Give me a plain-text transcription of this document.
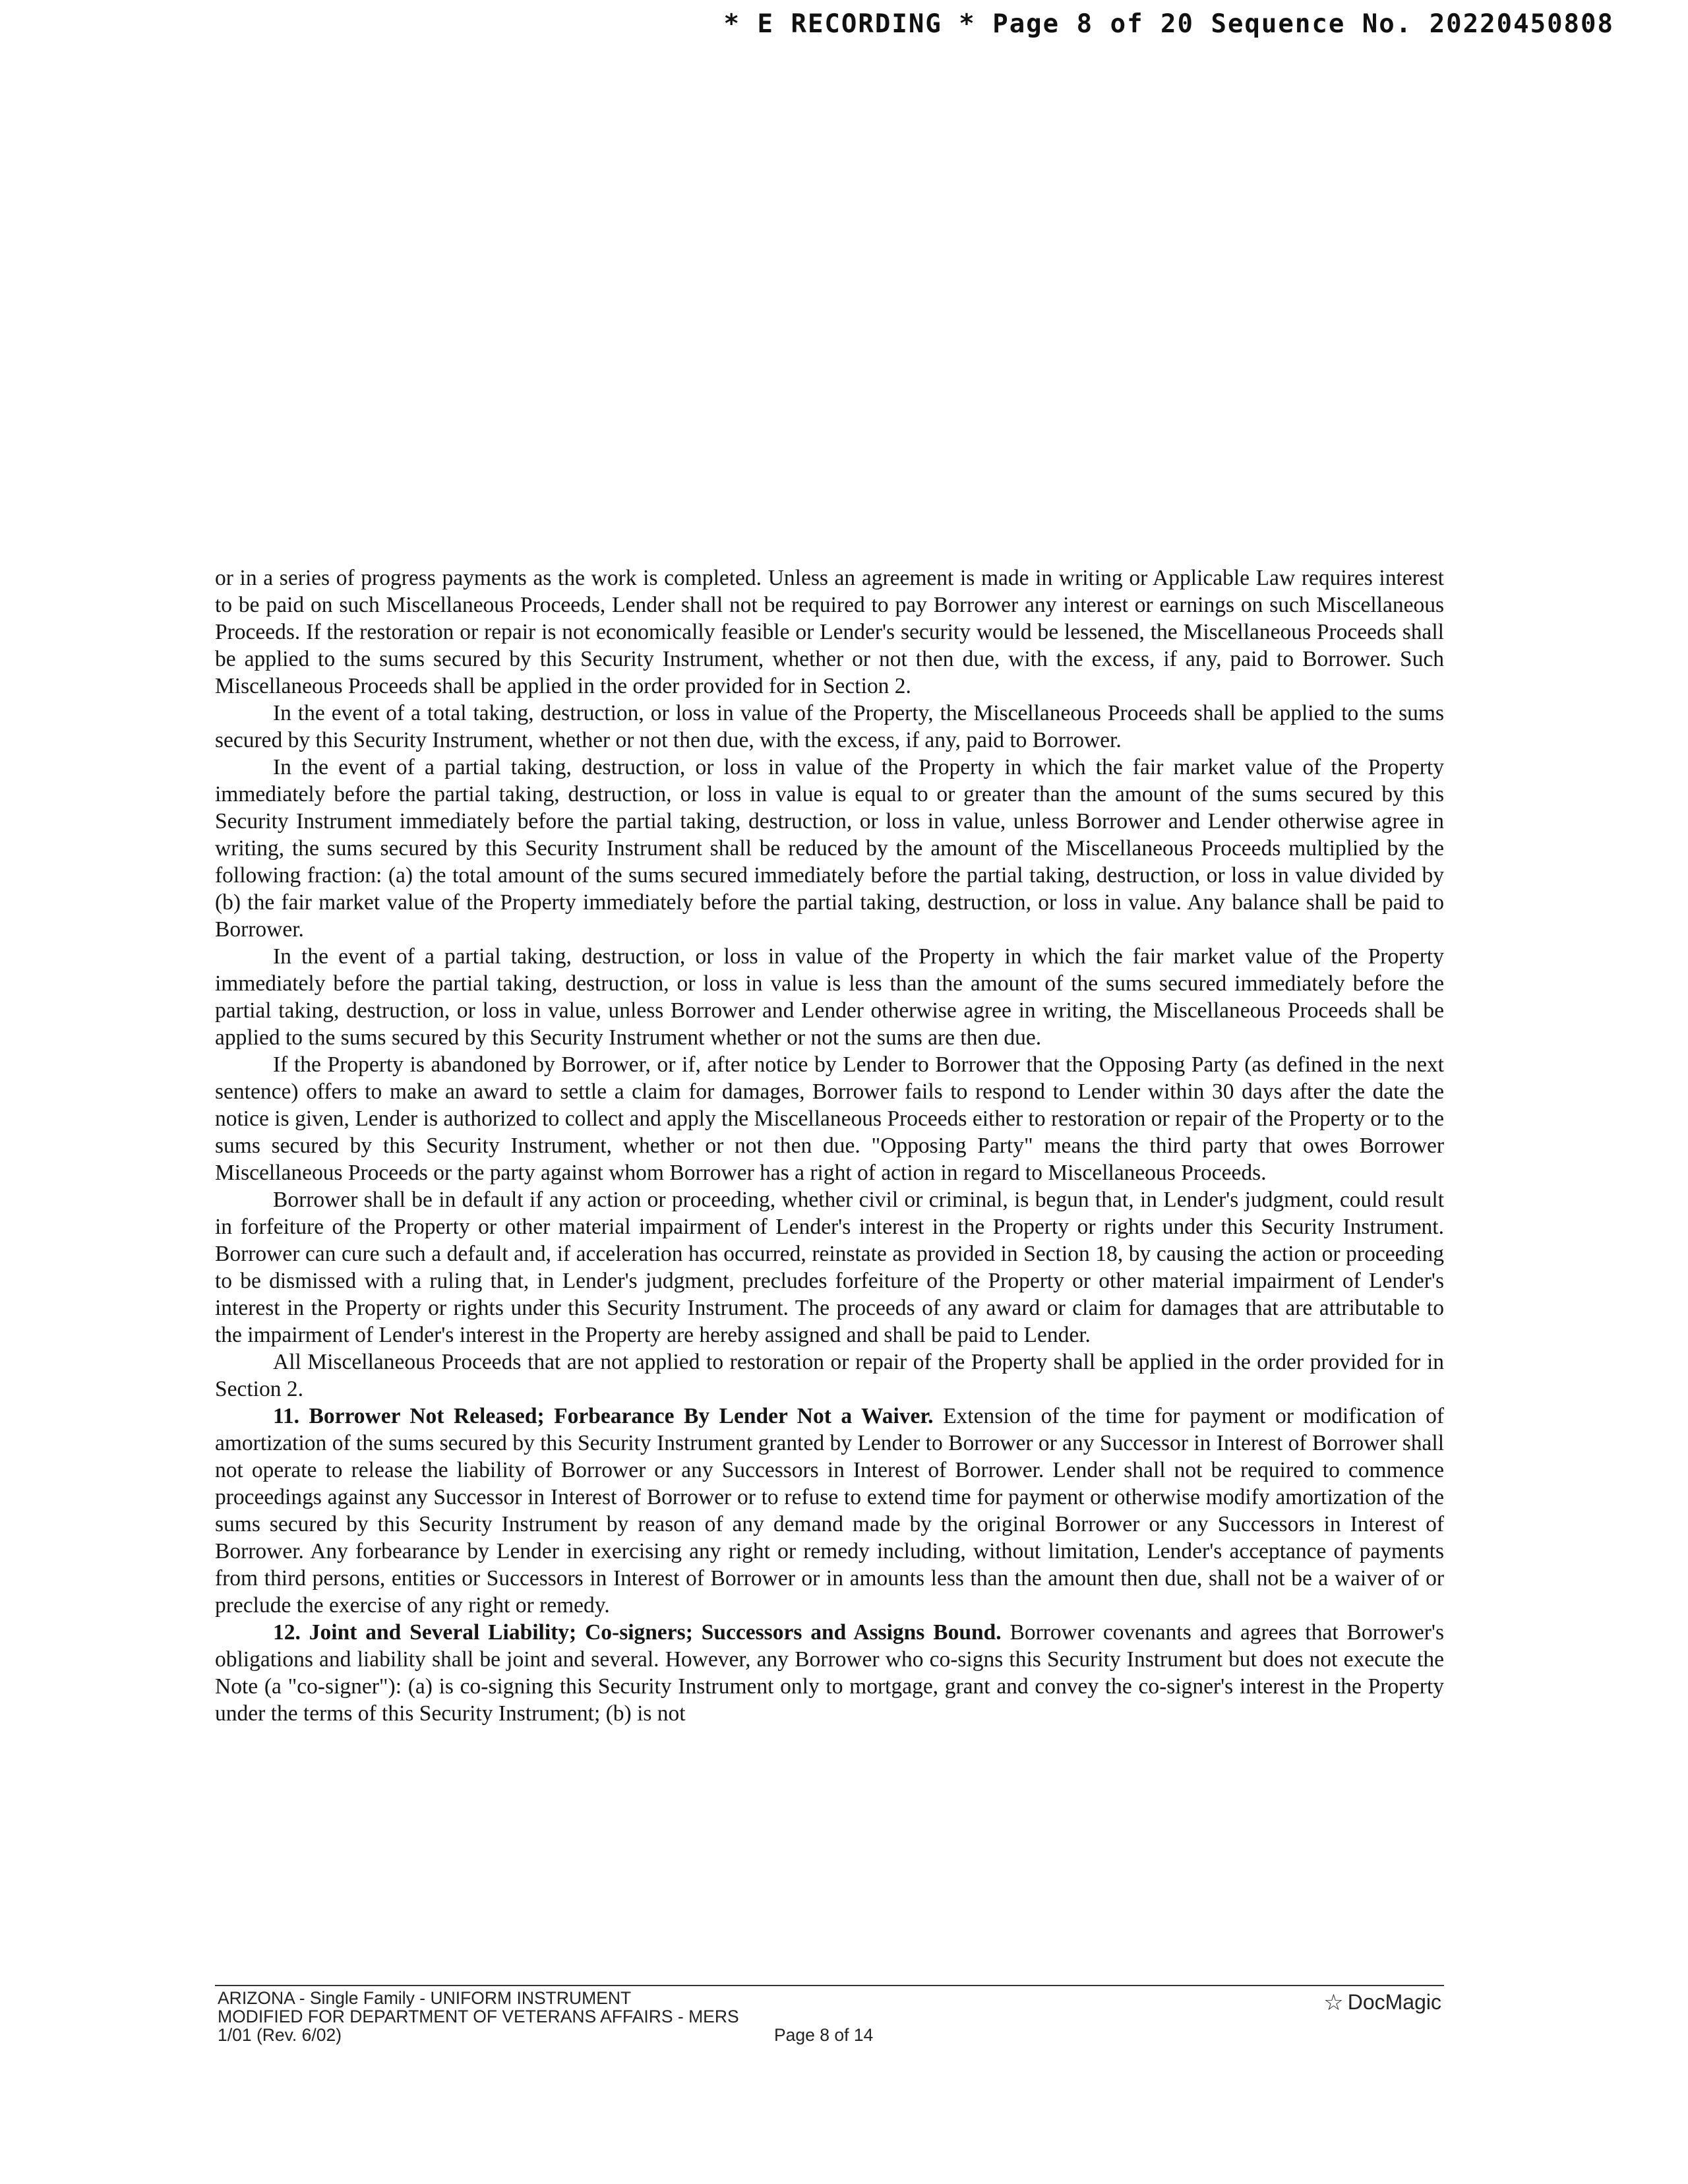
* E RECORDING * Page 8 of 20 Sequence No. 20220450808

or in a series of progress payments as the work is completed. Unless an agreement is made in writing or Applicable Law requires interest to be paid on such Miscellaneous Proceeds, Lender shall not be required to pay Borrower any interest or earnings on such Miscellaneous Proceeds. If the restoration or repair is not economically feasible or Lender's security would be lessened, the Miscellaneous Proceeds shall be applied to the sums secured by this Security Instrument, whether or not then due, with the excess, if any, paid to Borrower. Such Miscellaneous Proceeds shall be applied in the order provided for in Section 2.

In the event of a total taking, destruction, or loss in value of the Property, the Miscellaneous Proceeds shall be applied to the sums secured by this Security Instrument, whether or not then due, with the excess, if any, paid to Borrower.

In the event of a partial taking, destruction, or loss in value of the Property in which the fair market value of the Property immediately before the partial taking, destruction, or loss in value is equal to or greater than the amount of the sums secured by this Security Instrument immediately before the partial taking, destruction, or loss in value, unless Borrower and Lender otherwise agree in writing, the sums secured by this Security Instrument shall be reduced by the amount of the Miscellaneous Proceeds multiplied by the following fraction: (a) the total amount of the sums secured immediately before the partial taking, destruction, or loss in value divided by (b) the fair market value of the Property immediately before the partial taking, destruction, or loss in value. Any balance shall be paid to Borrower.

In the event of a partial taking, destruction, or loss in value of the Property in which the fair market value of the Property immediately before the partial taking, destruction, or loss in value is less than the amount of the sums secured immediately before the partial taking, destruction, or loss in value, unless Borrower and Lender otherwise agree in writing, the Miscellaneous Proceeds shall be applied to the sums secured by this Security Instrument whether or not the sums are then due.

If the Property is abandoned by Borrower, or if, after notice by Lender to Borrower that the Opposing Party (as defined in the next sentence) offers to make an award to settle a claim for damages, Borrower fails to respond to Lender within 30 days after the date the notice is given, Lender is authorized to collect and apply the Miscellaneous Proceeds either to restoration or repair of the Property or to the sums secured by this Security Instrument, whether or not then due. "Opposing Party" means the third party that owes Borrower Miscellaneous Proceeds or the party against whom Borrower has a right of action in regard to Miscellaneous Proceeds.

Borrower shall be in default if any action or proceeding, whether civil or criminal, is begun that, in Lender's judgment, could result in forfeiture of the Property or other material impairment of Lender's interest in the Property or rights under this Security Instrument. Borrower can cure such a default and, if acceleration has occurred, reinstate as provided in Section 18, by causing the action or proceeding to be dismissed with a ruling that, in Lender's judgment, precludes forfeiture of the Property or other material impairment of Lender's interest in the Property or rights under this Security Instrument. The proceeds of any award or claim for damages that are attributable to the impairment of Lender's interest in the Property are hereby assigned and shall be paid to Lender.

All Miscellaneous Proceeds that are not applied to restoration or repair of the Property shall be applied in the order provided for in Section 2.

11. Borrower Not Released; Forbearance By Lender Not a Waiver. Extension of the time for payment or modification of amortization of the sums secured by this Security Instrument granted by Lender to Borrower or any Successor in Interest of Borrower shall not operate to release the liability of Borrower or any Successors in Interest of Borrower. Lender shall not be required to commence proceedings against any Successor in Interest of Borrower or to refuse to extend time for payment or otherwise modify amortization of the sums secured by this Security Instrument by reason of any demand made by the original Borrower or any Successors in Interest of Borrower. Any forbearance by Lender in exercising any right or remedy including, without limitation, Lender's acceptance of payments from third persons, entities or Successors in Interest of Borrower or in amounts less than the amount then due, shall not be a waiver of or preclude the exercise of any right or remedy.

12. Joint and Several Liability; Co-signers; Successors and Assigns Bound. Borrower covenants and agrees that Borrower's obligations and liability shall be joint and several. However, any Borrower who co-signs this Security Instrument but does not execute the Note (a "co-signer"): (a) is co-signing this Security Instrument only to mortgage, grant and convey the co-signer's interest in the Property under the terms of this Security Instrument; (b) is not

ARIZONA - Single Family - UNIFORM INSTRUMENT
MODIFIED FOR DEPARTMENT OF VETERANS AFFAIRS - MERS
1/01 (Rev. 6/02)	Page 8 of 14
☆ DocMagic
